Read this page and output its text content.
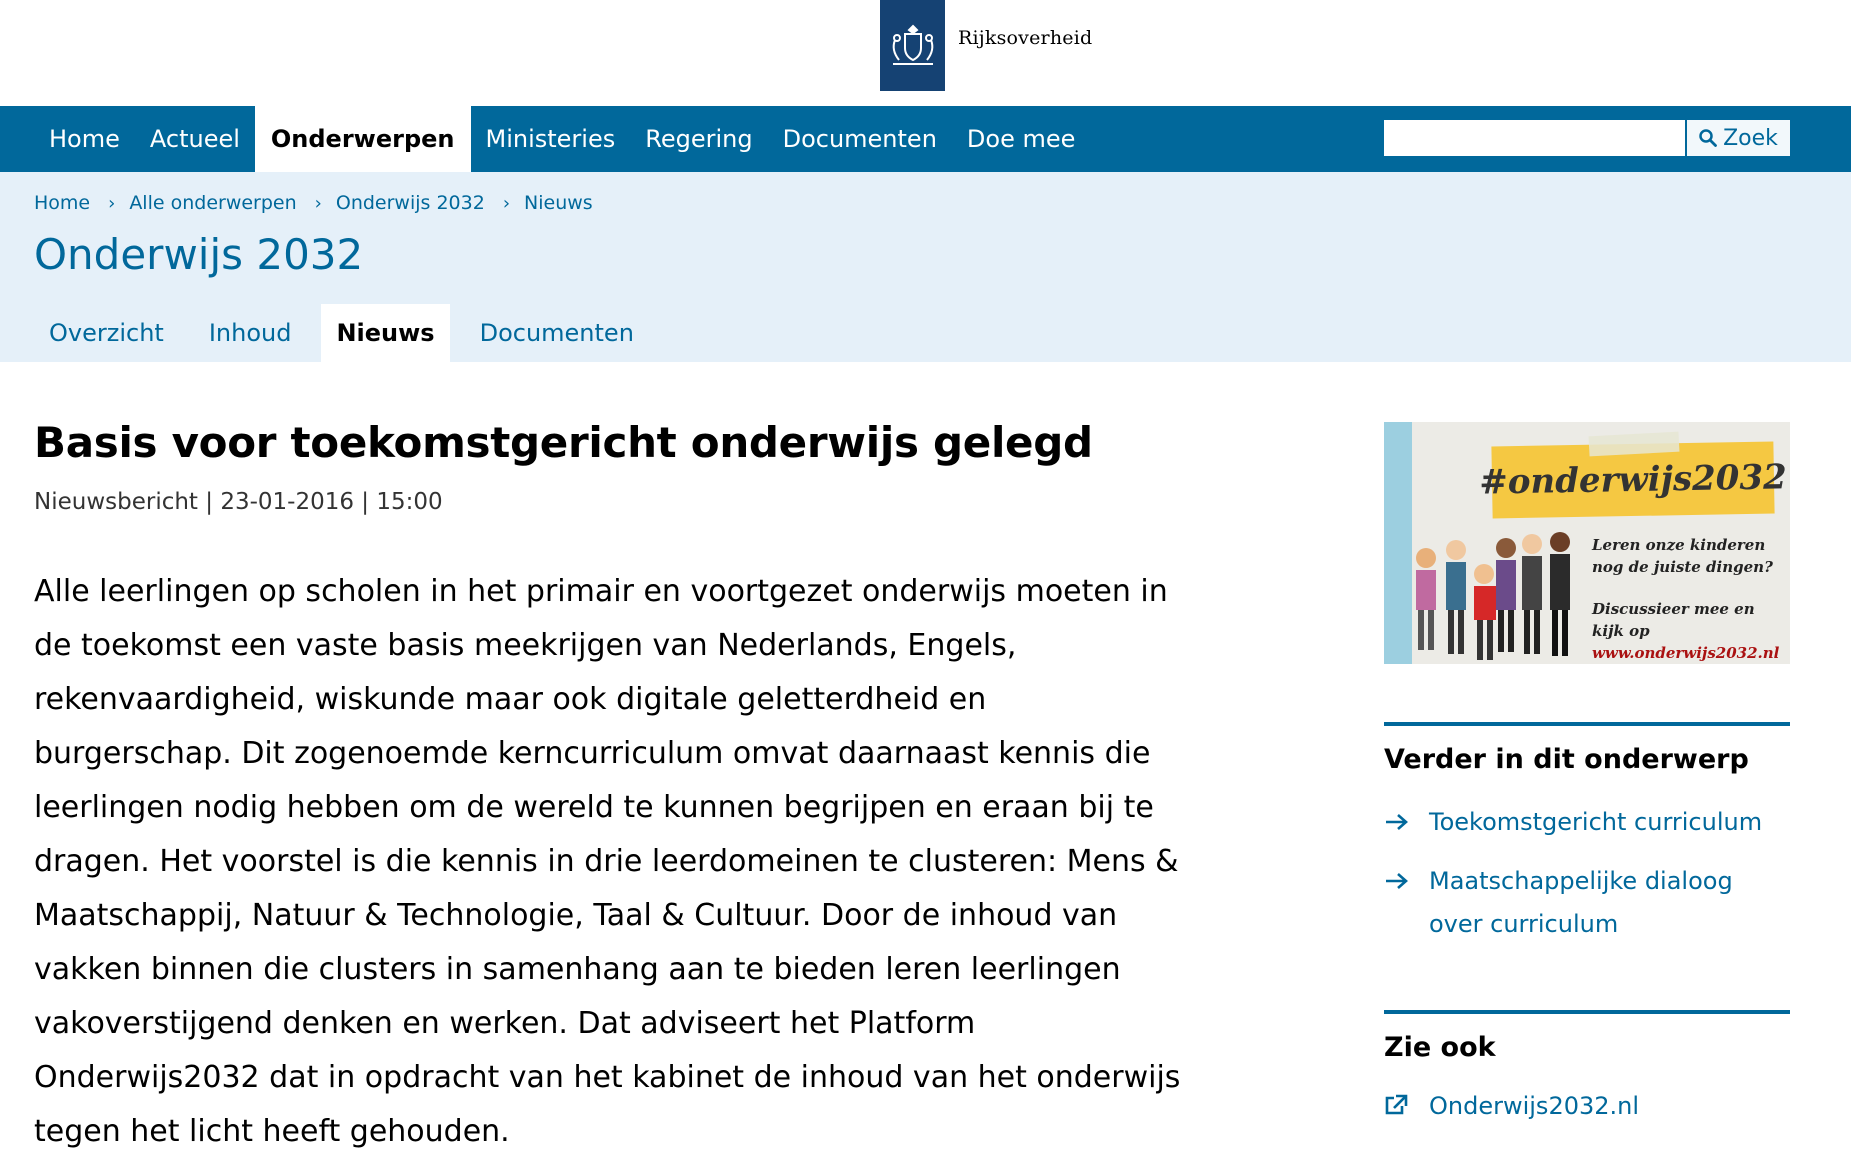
Rijksoverheid
Home	Actueel	Onderwerpen	Ministeries	Regering	Documenten	Doe mee	Zoek
Home › Alle onderwerpen › Onderwijs 2032 › Nieuws
Onderwijs 2032
Overzicht	Inhoud	Nieuws	Documenten
Basis voor toekomstgericht onderwijs gelegd
Nieuwsbericht | 23-01-2016 | 15:00

Alle leerlingen op scholen in het primair en voortgezet onderwijs moeten in de toekomst een vaste basis meekrijgen van Nederlands, Engels, rekenvaardigheid, wiskunde maar ook digitale geletterdheid en burgerschap. Dit zogenoemde kerncurriculum omvat daarnaast kennis die leerlingen nodig hebben om de wereld te kunnen begrijpen en eraan bij te dragen. Het voorstel is die kennis in drie leerdomeinen te clusteren: Mens & Maatschappij, Natuur & Technologie, Taal & Cultuur. Door de inhoud van vakken binnen die clusters in samenhang aan te bieden leren leerlingen vakoverstijgend denken en werken. Dat adviseert het Platform Onderwijs2032 dat in opdracht van het kabinet de inhoud van het onderwijs tegen het licht heeft gehouden.

#onderwijs2032
Leren onze kinderen nog de juiste dingen?
Discussieer mee en kijk op
www.onderwijs2032.nl
Verder in dit onderwerp
Toekomstgericht curriculum
Maatschappelijke dialoog over curriculum
Zie ook
Onderwijs2032.nl
